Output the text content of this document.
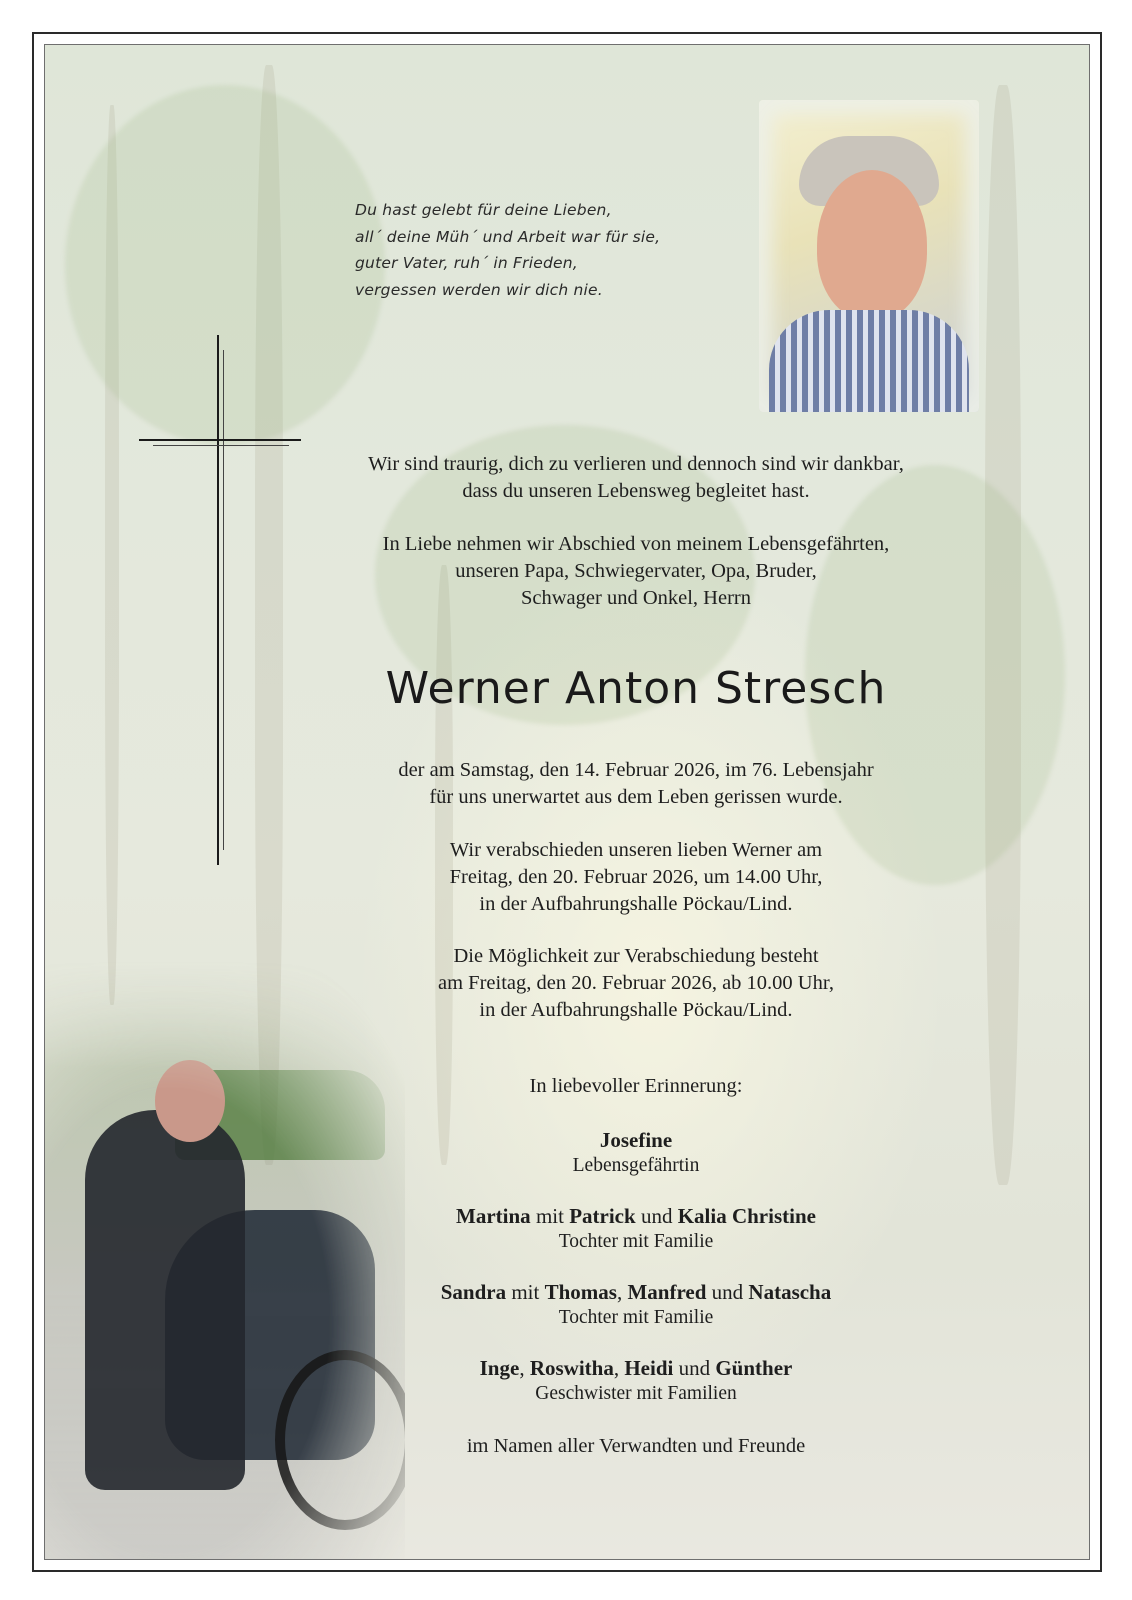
Du hast gelebt für deine Lieben,
all´ deine Müh´ und Arbeit war für sie,
guter Vater, ruh´ in Frieden,
vergessen werden wir dich nie.
Wir sind traurig, dich zu verlieren und dennoch sind wir dankbar,
dass du unseren Lebensweg begleitet hast.
In Liebe nehmen wir Abschied von meinem Lebensgefährten,
unseren Papa, Schwiegervater, Opa, Bruder,
Schwager und Onkel, Herrn
Werner Anton Stresch
der am Samstag, den 14. Februar 2026, im 76. Lebensjahr
für uns unerwartet aus dem Leben gerissen wurde.
Wir verabschieden unseren lieben Werner am
Freitag, den 20. Februar 2026, um 14.00 Uhr,
in der Aufbahrungshalle Pöckau/Lind.
Die Möglichkeit zur Verabschiedung besteht
am Freitag, den 20. Februar 2026, ab 10.00 Uhr,
in der Aufbahrungshalle Pöckau/Lind.
In liebevoller Erinnerung:
Josefine
Lebensgefährtin
Martina mit Patrick und Kalia Christine
Tochter mit Familie
Sandra mit Thomas, Manfred und Natascha
Tochter mit Familie
Inge, Roswitha, Heidi und Günther
Geschwister mit Familien
im Namen aller Verwandten und Freunde
